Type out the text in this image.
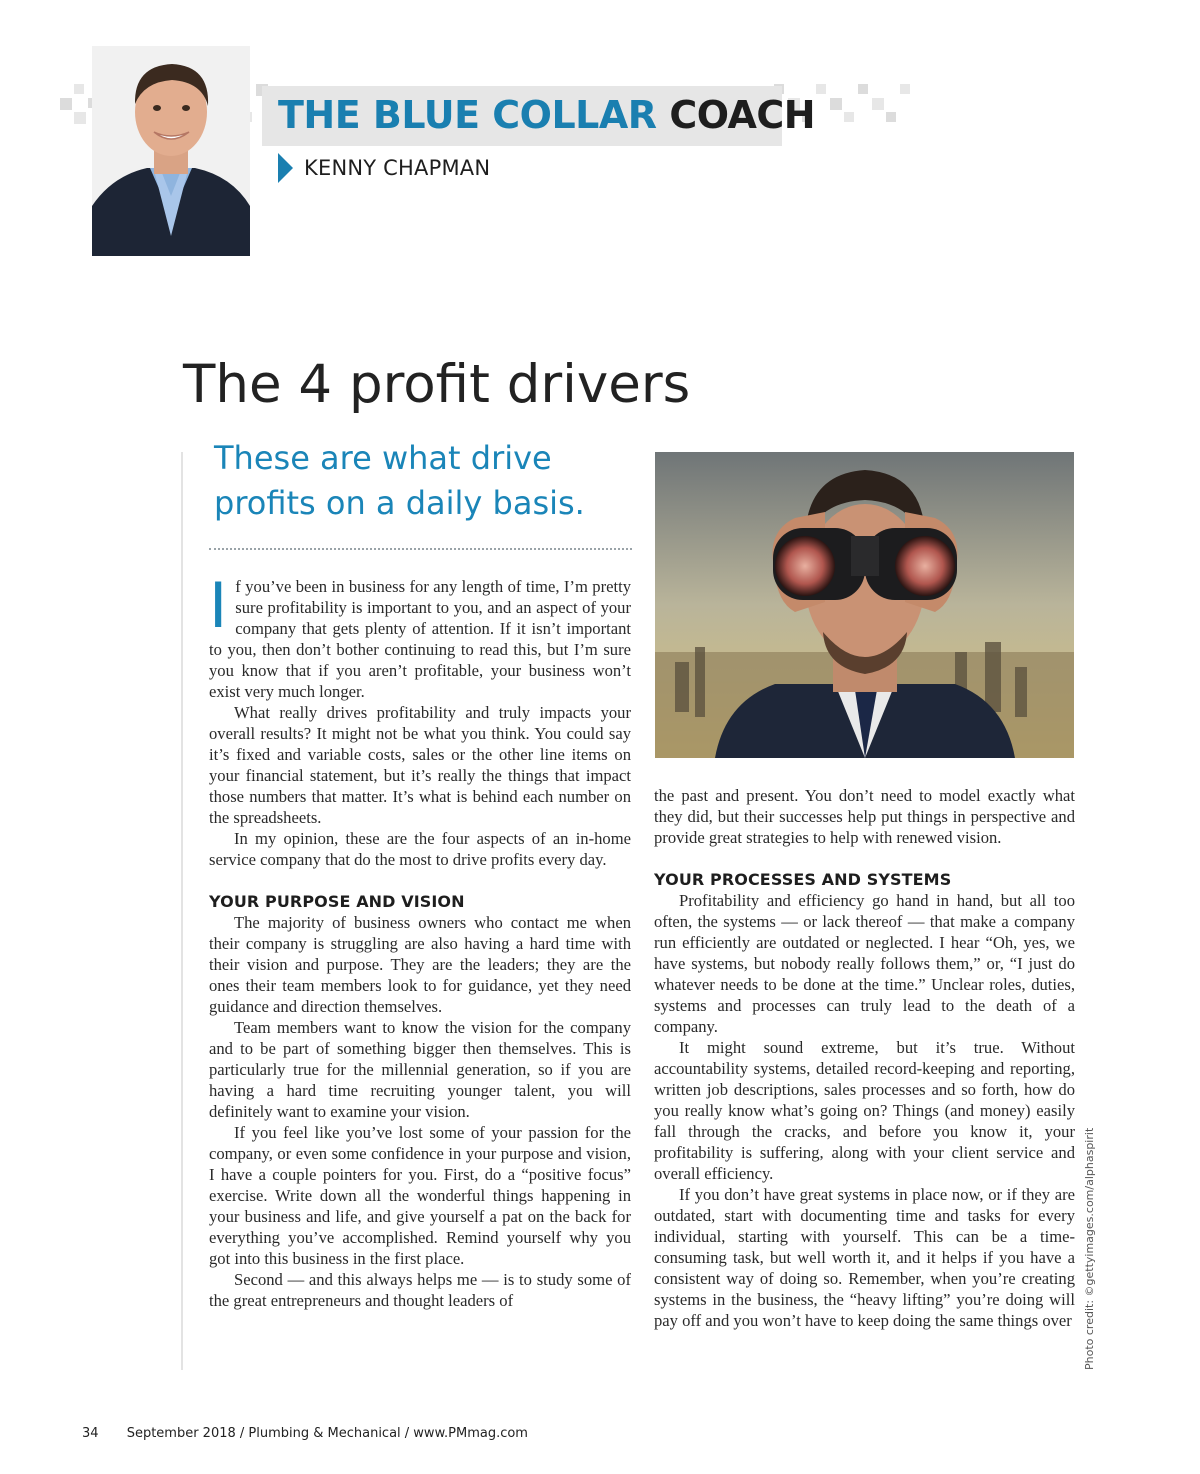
THE BLUE COLLAR COACH
KENNY CHAPMAN
The 4 profit drivers

These are what drive profits on a daily basis.

If you’ve been in business for any length of time, I’m pretty sure profitability is important to you, and an aspect of your company that gets plenty of attention. If it isn’t important to you, then don’t bother continuing to read this, but I’m sure you know that if you aren’t profitable, your business won’t exist very much longer.

What really drives profitability and truly impacts your overall results? It might not be what you think. You could say it’s fixed and variable costs, sales or the other line items on your financial statement, but it’s really the things that impact those numbers that matter. It’s what is behind each number on the spreadsheets.

In my opinion, these are the four aspects of an in-home service company that do the most to drive profits every day.

YOUR PURPOSE AND VISION

The majority of business owners who contact me when their company is struggling are also having a hard time with their vision and purpose. They are the leaders; they are the ones their team members look to for guidance, yet they need guidance and direction themselves.

Team members want to know the vision for the company and to be part of something bigger then themselves. This is particularly true for the millennial generation, so if you are having a hard time recruiting younger talent, you will definitely want to examine your vision.

If you feel like you’ve lost some of your passion for the company, or even some confidence in your purpose and vision, I have a couple pointers for you. First, do a “positive focus” exercise. Write down all the wonderful things happening in your business and life, and give yourself a pat on the back for everything you’ve accomplished. Remind yourself why you got into this business in the first place.

Second — and this always helps me — is to study some of the great entrepreneurs and thought leaders of

the past and present. You don’t need to model exactly what they did, but their successes help put things in perspective and provide great strategies to help with renewed vision.

YOUR PROCESSES AND SYSTEMS

Profitability and efficiency go hand in hand, but all too often, the systems — or lack thereof — that make a company run efficiently are outdated or neglected. I hear “Oh, yes, we have systems, but nobody really follows them,” or, “I just do whatever needs to be done at the time.” Unclear roles, duties, systems and processes can truly lead to the death of a company.

It might sound extreme, but it’s true. Without accountability systems, detailed record-keeping and reporting, written job descriptions, sales processes and so forth, how do you really know what’s going on? Things (and money) easily fall through the cracks, and before you know it, your profitability is suffering, along with your client service and overall efficiency.

If you don’t have great systems in place now, or if they are outdated, start with documenting time and tasks for every individual, starting with yourself. This can be a time-consuming task, but well worth it, and it helps if you have a consistent way of doing so. Remember, when you’re creating systems in the business, the “heavy lifting” you’re doing will pay off and you won’t have to keep doing the same things over Photo credit: ©gettyimages.com/alphaspirit
34 September 2018 / Plumbing & Mechanical / www.PMmag.com
